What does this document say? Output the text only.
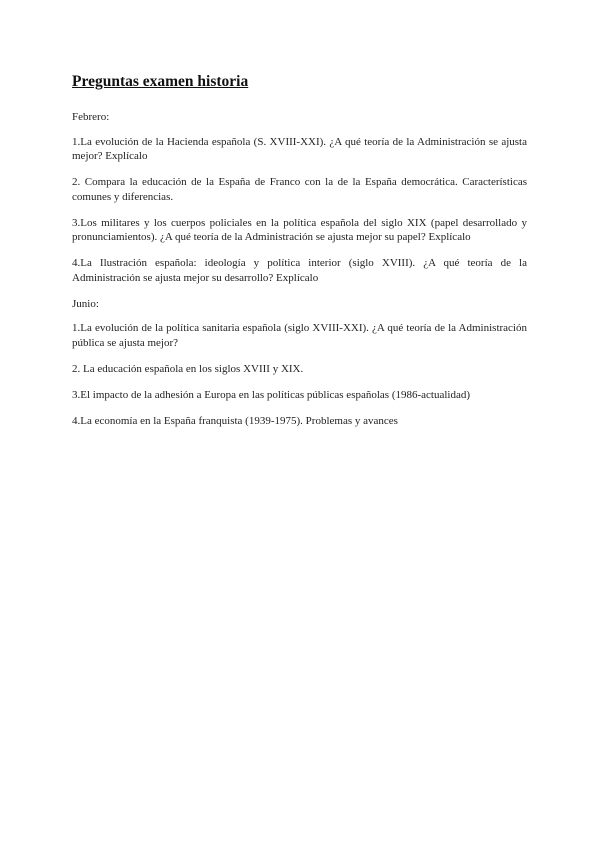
Preguntas examen historia

Febrero:

1.La evolución de la Hacienda española (S. XVIII-XXI). ¿A qué teoría de la Administración se ajusta mejor? Explícalo

2. Compara la educación de la España de Franco con la de la España democrática. Características comunes y diferencias.

3.Los militares y los cuerpos policiales en la política española del siglo XIX (papel desarrollado y pronunciamientos). ¿A qué teoría de la Administración se ajusta mejor su papel? Explícalo

4.La Ilustración española: ideología y política interior (siglo XVIII). ¿A qué teoría de la Administración se ajusta mejor su desarrollo? Explícalo

Junio:

1.La evolución de la política sanitaria española (siglo XVIII-XXI). ¿A qué teoría de la Administración pública se ajusta mejor?

2. La educación española en los siglos XVIII y XIX.

3.El impacto de la adhesión a Europa en las políticas públicas españolas (1986-actualidad)

4.La economía en la España franquista (1939-1975). Problemas y avances
